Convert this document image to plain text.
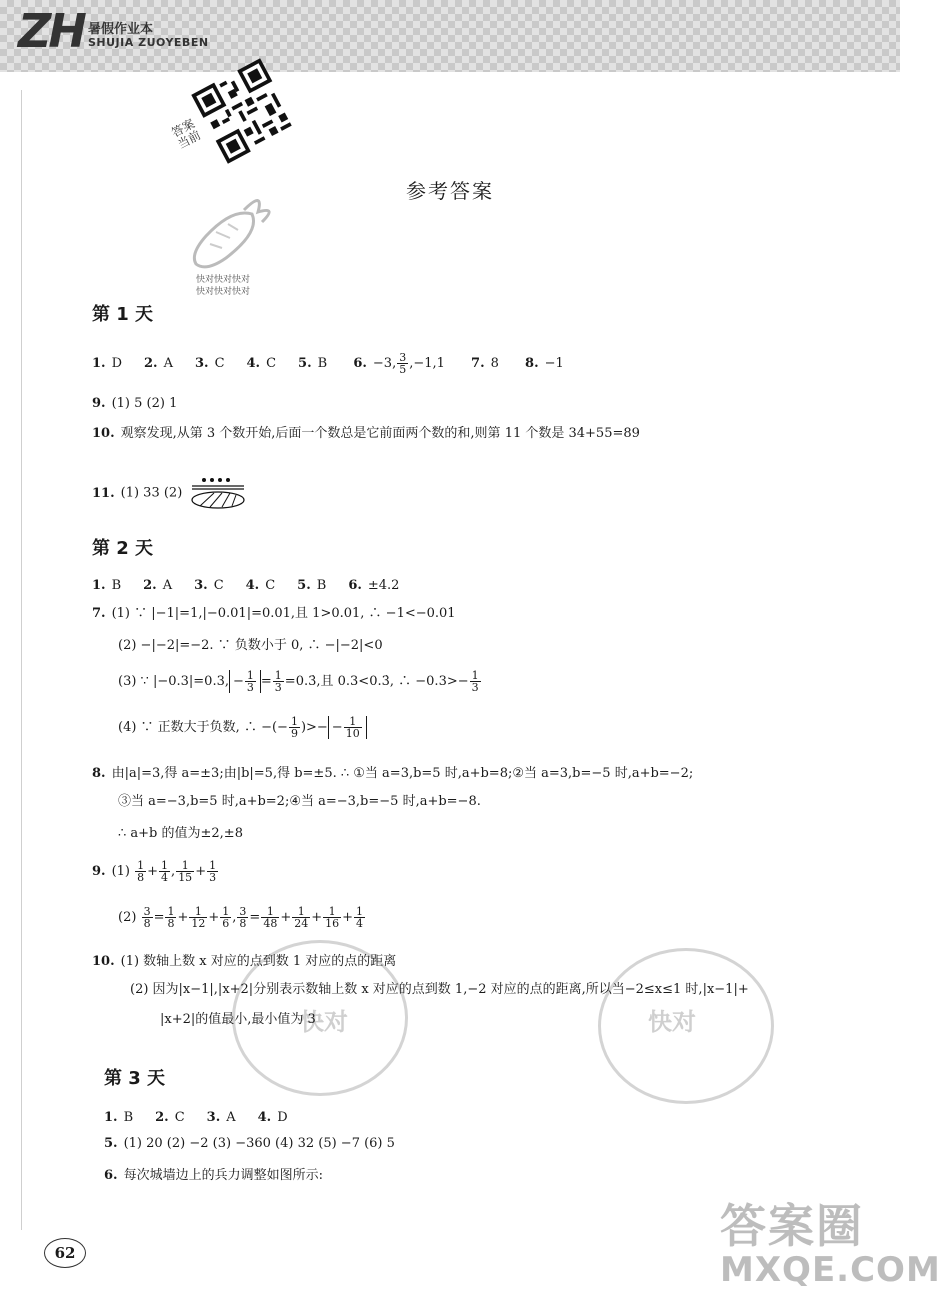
ZH 暑假作业本
SHUJIA ZUOYEBEN
答案当前
快对快对快对
快对快对快对
参考答案
快对	快对
第 1 天
1. D 2. A 3. C 4. C 5. B 6. −3, $\frac{3}{5} ,-1,1$ 7. 8 8. −1
9. (1) 5 (2) 1
10. 观察发现,从第 3 个数开始,后面一个数总是它前面两个数的和,则第 11 个数是 34+55=89
11. (1) 33 (2)
第 2 天
1. B 2. A 3. C 4. C 5. B 6. ±4.2
7. (1) ∵ |−1|=1,|−0.01|=0.01,且 1>0.01, ∴ −1<−0.01
(2) −|−2|=−2. ∵ 负数小于 0, ∴ −|−2|<0
(3) ∵ |−0.3|=0.3, − $\frac{1}{3} = \frac{1}{3}$ =0.3̇,且 0.3<0.3̇, ∴ $-0.3>- \frac{1}{3}$
(4) ∵ 正数大于负数, ∴ −(− $\frac{1}{9}$ )>− − $\frac{1}{10}$
8. 由|a|=3,得 a=±3;由|b|=5,得 b=±5. ∴ ①当 a=3,b=5 时,a+b=8;②当 a=3,b=−5 时,a+b=−2;
③当 a=−3,b=5 时,a+b=2;④当 a=−3,b=−5 时,a+b=−8.
∴ a+b 的值为±2,±8
9. $(1) \frac{1}{8} + \frac{1}{4}$ , $\frac{1}{15} + \frac{1}{3}$
$(2) \frac{3}{8} = \frac{1}{8} + \frac{1}{12} + \frac{1}{6}$ , $\frac{3}{8} = \frac{1}{48} + \frac{1}{24} + \frac{1}{16} + \frac{1}{4}$
10. (1) 数轴上数 x 对应的点到数 1 对应的点的距离
(2) 因为|x−1|,|x+2|分别表示数轴上数 x 对应的点到数 1,−2 对应的点的距离,所以当−2≤x≤1 时,|x−1|+
|x+2|的值最小,最小值为 3
第 3 天
1. B 2. C 3. A 4. D
5. (1) 20 (2) −2 (3) −360 (4) 32 (5) −7 (6) 5
6. 每次城墙边上的兵力调整如图所示:
62	答案圈
MXQE.COM
